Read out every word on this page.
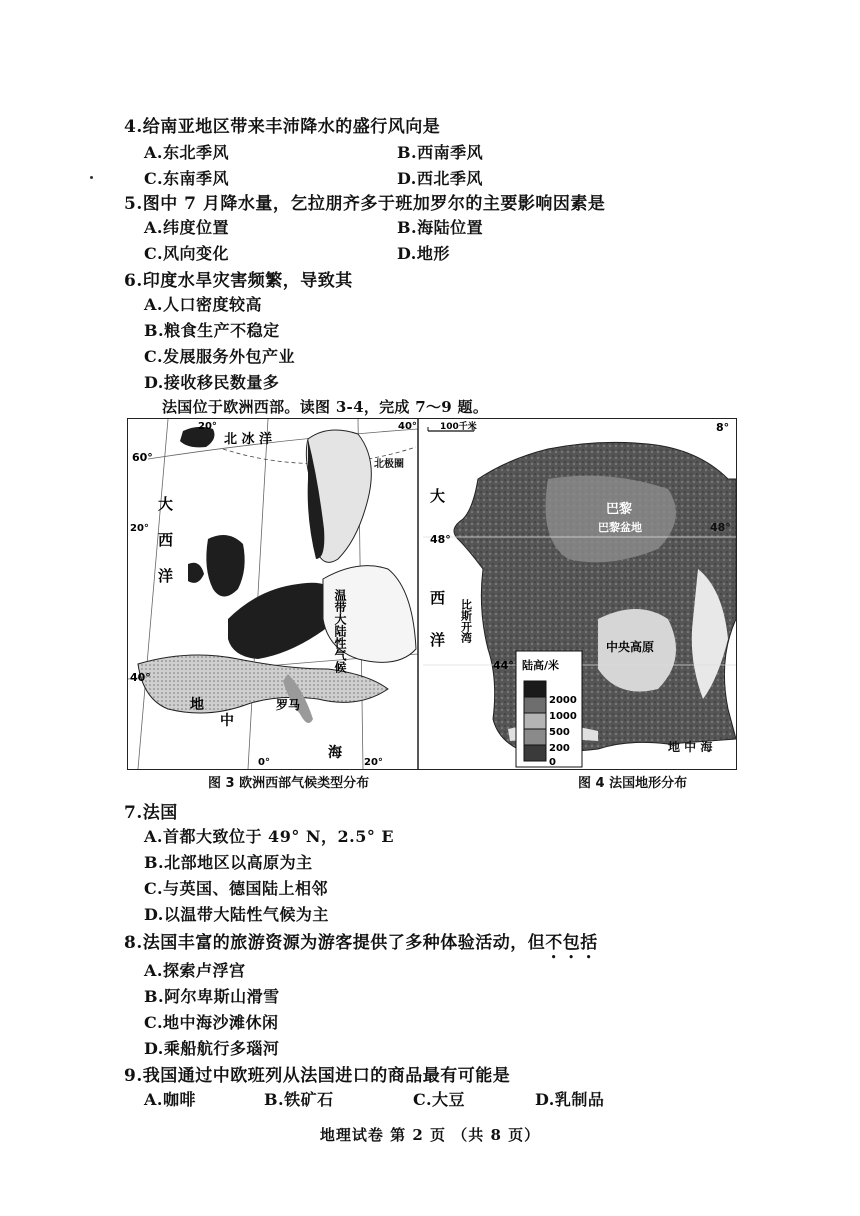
4.给南亚地区带来丰沛降水的盛行风向是
A.东北季风	B.西南季风
C.东南季风	D.西北季风
5.图中 7 月降水量，乞拉朋齐多于班加罗尔的主要影响因素是
A.纬度位置	B.海陆位置
C.风向变化	D.地形
6.印度水旱灾害频繁，导致其
A.人口密度较高
B.粮食生产不稳定
C.发展服务外包产业
D.接收移民数量多
法国位于欧洲西部。读图 3-4，完成 7～9 题。
60°
40°
20°	40°
20°
20°
0°
北 冰 洋
北极圈
大
西
洋
地
中
海
罗马
温带大陆性气候
100千米
48°
44°
48°
8°
巴黎
巴黎盆地
大
西
洋 比斯开湾
中央高原
地 中 海
陆高/米
2000
1000
500
200
0
图 3 欧洲西部气候类型分布	图 4 法国地形分布
7.法国
A.首都大致位于 49° N，2.5° E
B.北部地区以高原为主
C.与英国、德国陆上相邻
D.以温带大陆性气候为主
8.法国丰富的旅游资源为游客提供了多种体验活动，但不包括
A.探索卢浮宫
B.阿尔卑斯山滑雪
C.地中海沙滩休闲
D.乘船航行多瑙河
9.我国通过中欧班列从法国进口的商品最有可能是
A.咖啡	B.铁矿石	C.大豆	D.乳制品
地理试卷 第 2 页 （共 8 页）
